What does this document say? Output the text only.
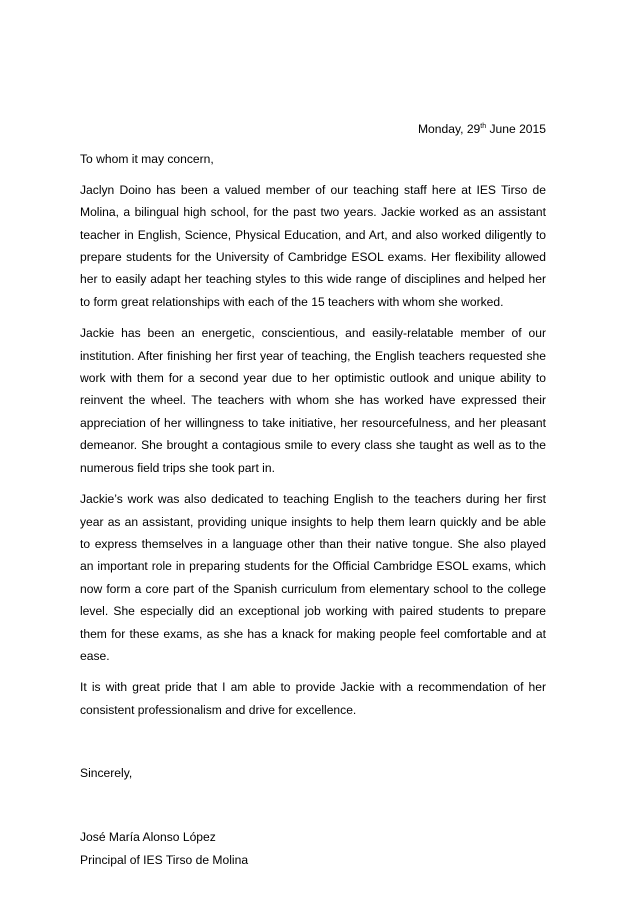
Monday, 29th June 2015
To whom it may concern,

Jaclyn Doino has been a valued member of our teaching staff here at IES Tirso de Molina, a bilingual high school, for the past two years. Jackie worked as an assistant teacher in English, Science, Physical Education, and Art, and also worked diligently to prepare students for the University of Cambridge ESOL exams. Her flexibility allowed her to easily adapt her teaching styles to this wide range of disciplines and helped her to form great relationships with each of the 15 teachers with whom she worked.

Jackie has been an energetic, conscientious, and easily-relatable member of our institution. After finishing her first year of teaching, the English teachers requested she work with them for a second year due to her optimistic outlook and unique ability to reinvent the wheel. The teachers with whom she has worked have expressed their appreciation of her willingness to take initiative, her resourcefulness, and her pleasant demeanor. She brought a contagious smile to every class she taught as well as to the numerous field trips she took part in.

Jackie’s work was also dedicated to teaching English to the teachers during her first year as an assistant, providing unique insights to help them learn quickly and be able to express themselves in a language other than their native tongue. She also played an important role in preparing students for the Official Cambridge ESOL exams, which now form a core part of the Spanish curriculum from elementary school to the college level. She especially did an exceptional job working with paired students to prepare them for these exams, as she has a knack for making people feel comfortable and at ease.

It is with great pride that I am able to provide Jackie with a recommendation of her consistent professionalism and drive for excellence.

Sincerely,
José María Alonso López
Principal of IES Tirso de Molina
